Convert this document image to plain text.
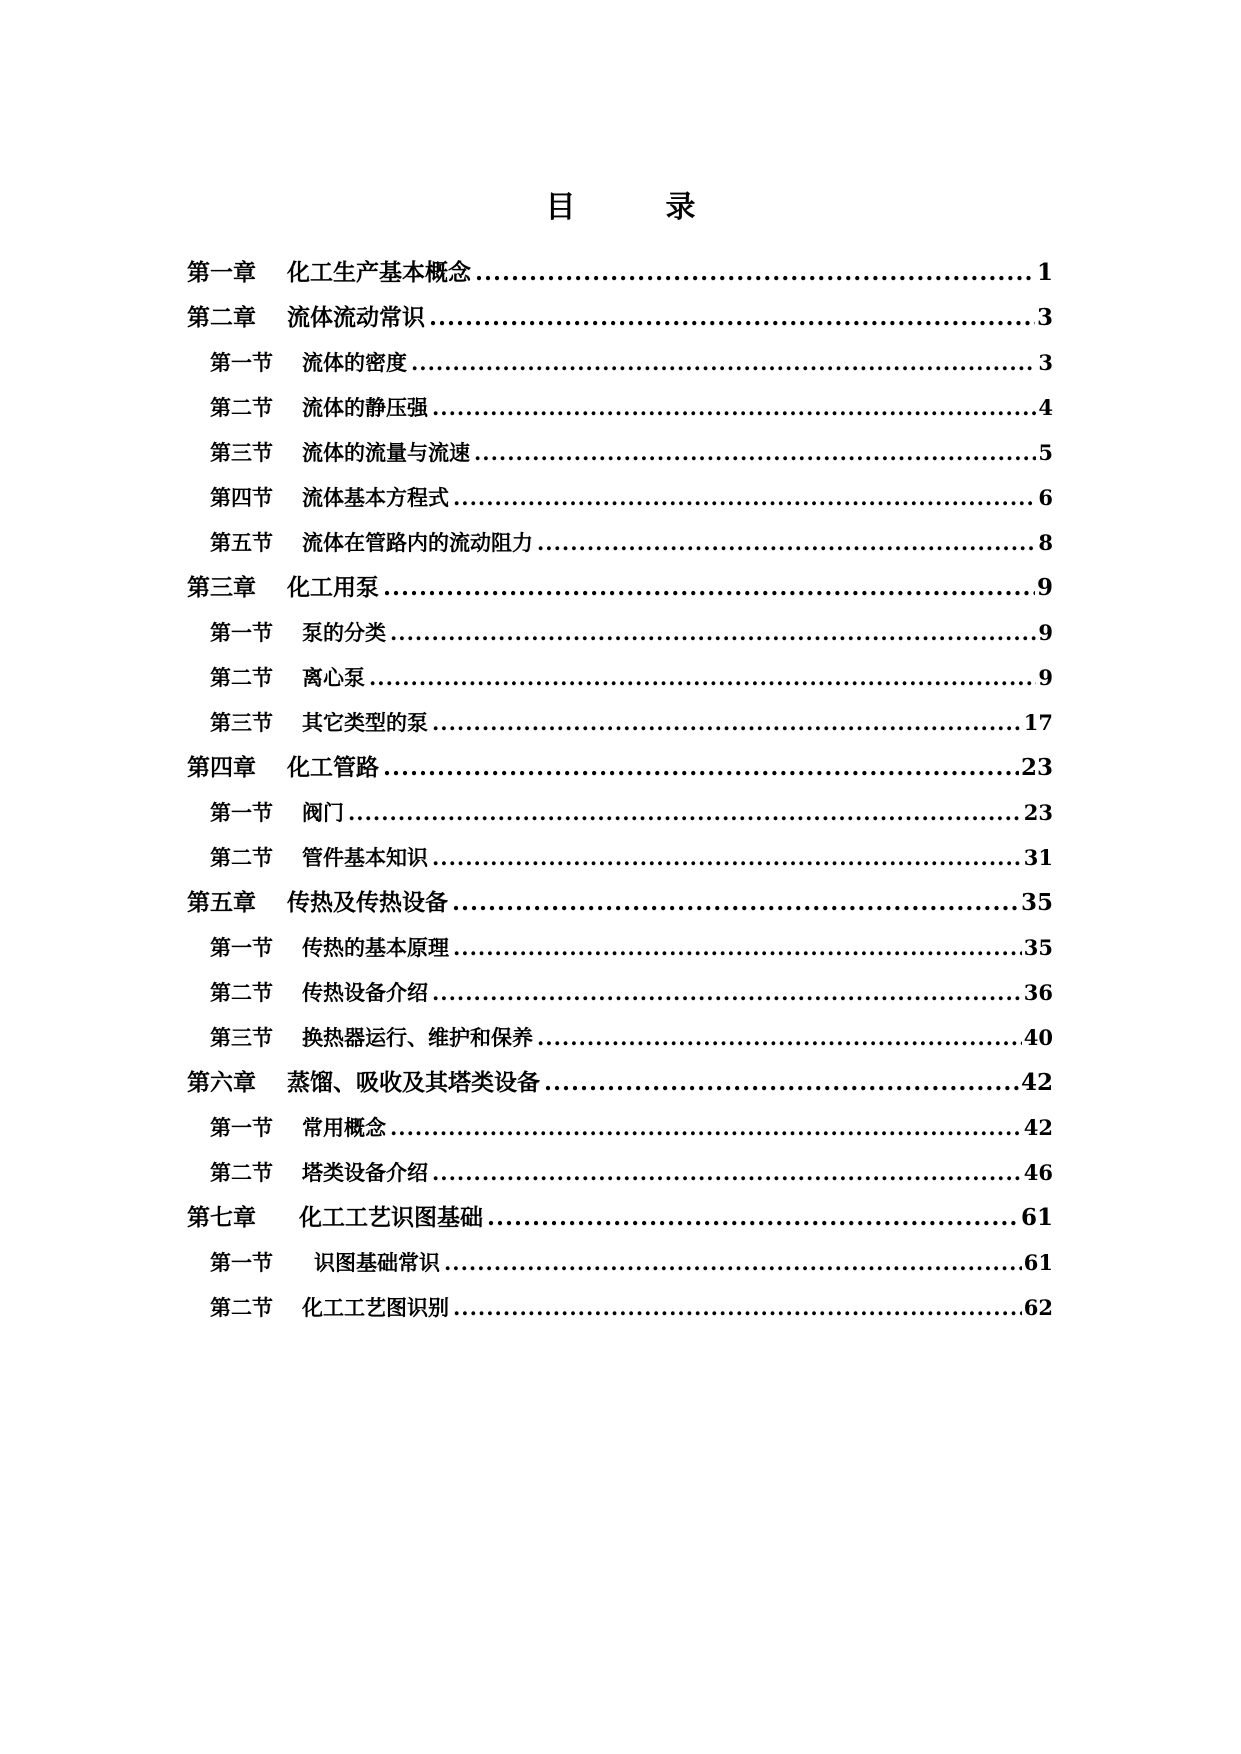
目	录
第一章	化工生产基本概念 .....	1
第二章	流体流动常识 .....	3
第一节	流体的密度 .....	3
第二节	流体的静压强 .....	4
第三节	流体的流量与流速 .....	5
第四节	流体基本方程式 .....	6
第五节	流体在管路内的流动阻力 .....	8
第三章	化工用泵 .....	9
第一节	泵的分类 .....	9
第二节	离心泵 .....	9
第三节	其它类型的泵 .....	17
第四章	化工管路 .....	23
第一节	阀门 .....	23
第二节	管件基本知识 .....	31
第五章	传热及传热设备 .....	35
第一节	传热的基本原理 .....	35
第二节	传热设备介绍 .....	36
第三节	换热器运行、维护和保养 .....	40
第六章	蒸馏、吸收及其塔类设备 .....	42
第一节	常用概念 .....	42
第二节	塔类设备介绍 .....	46
第七章	化工工艺识图基础 .....	61
第一节	识图基础常识 .....	61
第二节	化工工艺图识别 .....	62
